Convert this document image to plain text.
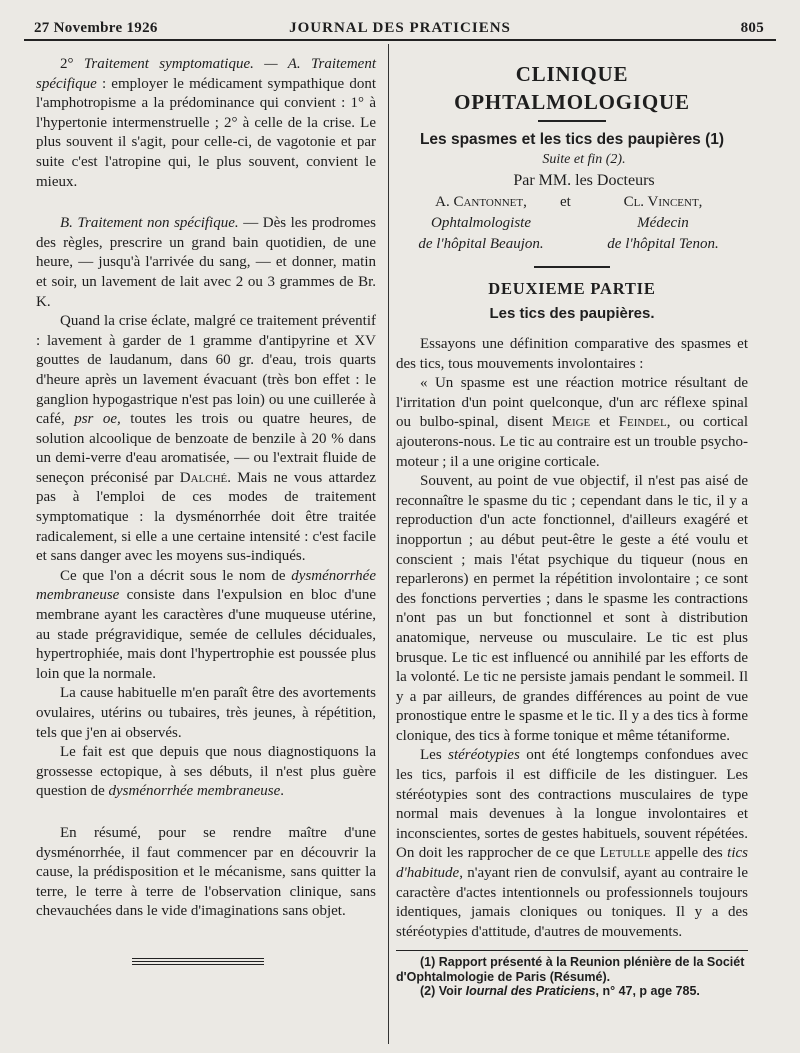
27 Novembre 1926	JOURNAL DES PRATICIENS	805

2° Traitement symptomatique. — A. Traitement spécifique : employer le médicament sympathique dont l'amphotropisme a la prédominance qui convient : 1° à l'hypertonie intermenstruelle ; 2° à celle de la crise. Le plus souvent il s'agit, pour celle-ci, de vagotonie et par suite c'est l'atropine qui, le plus souvent, convient le mieux.

B. Traitement non spécifique. — Dès les prodromes des règles, prescrire un grand bain quotidien, de une heure, — jusqu'à l'arrivée du sang, — et donner, matin et soir, un lavement de lait avec 2 ou 3 grammes de Br. K.

Quand la crise éclate, malgré ce traitement préventif : lavement à garder de 1 gramme d'antipyrine et XV gouttes de laudanum, dans 60 gr. d'eau, trois quarts d'heure après un lavement évacuant (très bon effet : le ganglion hypogastrique n'est pas loin) ou une cuillerée à café, psr oe, toutes les trois ou quatre heures, de solution alcoolique de benzoate de benzile à 20 % dans un demi-verre d'eau aromatisée, — ou l'extrait fluide de seneçon préconisé par Dalché. Mais ne vous attardez pas à l'emploi de ces modes de traitement symptomatique : la dysménorrhée doit être traitée radicalement, si elle a une certaine intensité : c'est facile et sans danger avec les moyens sus-indiqués.

Ce que l'on a décrit sous le nom de dysménorrhée membraneuse consiste dans l'expulsion en bloc d'une membrane ayant les caractères d'une muqueuse utérine, au stade prégravidique, semée de cellules déciduales, hypertrophiée, mais dont l'hypertrophie est poussée plus loin que la normale.

La cause habituelle m'en paraît être des avortements ovulaires, utérins ou tubaires, très jeunes, à répétition, tels que j'en ai observés.

Le fait est que depuis que nous diagnostiquons la grossesse ectopique, à ses débuts, il n'est plus guère question de dysménorrhée membraneuse.

En résumé, pour se rendre maître d'une dysménorrhée, il faut commencer par en découvrir la cause, la prédisposition et le mécanisme, sans quitter la terre, le terre à terre de l'observation clinique, sans chevauchées dans le vide d'imaginations sans objet.

CLINIQUE OPHTALMOLOGIQUE
Les spasmes et les tics des paupières (1)

Suite et fin (2).

Par MM. les Docteurs

A. Cantonnet,
Ophtalmologiste
de l'hôpital Beaujon.
et	Cl. Vincent,
Médecin
de l'hôpital Tenon.
DEUXIEME PARTIE
Les tics des paupières.

Essayons une définition comparative des spasmes et des tics, tous mouvements involontaires :

« Un spasme est une réaction motrice résultant de l'irritation d'un point quelconque, d'un arc réflexe spinal ou bulbo-spinal, disent Meige et Feindel, ou cortical ajouterons-nous. Le tic au contraire est un trouble psycho-moteur ; il a une origine corticale.

Souvent, au point de vue objectif, il n'est pas aisé de reconnaître le spasme du tic ; cependant dans le tic, il y a reproduction d'un acte fonctionnel, d'ailleurs exagéré et inopportun ; au début peut-être le geste a été voulu et conscient ; mais l'état psychique du tiqueur (nous en reparlerons) en permet la répétition involontaire ; ce sont des fonctions perverties ; dans le spasme les contractions n'ont pas un but fonctionnel et sont à distribution anatomique, nerveuse ou musculaire. Le tic est plus brusque. Le tic est influencé ou annihilé par les efforts de la volonté. Le tic ne persiste jamais pendant le sommeil. Il y a par ailleurs, de grandes différences au point de vue pronostique entre le spasme et le tic. Il y a des tics à forme clonique, des tics à forme tonique et même tétaniforme.

Les stéréotypies ont été longtemps confondues avec les tics, parfois il est difficile de les distinguer. Les stéréotypies sont des contractions musculaires de type normal mais devenues à la longue involontaires et inconscientes, sortes de gestes habituels, souvent répétées. On doit les rapprocher de ce que Letulle appelle des tics d'habitude, n'ayant rien de convulsif, ayant au contraire le caractère d'actes intentionnels ou professionnels toujours identiques, jamais cloniques ou toniques. Il y a des stéréotypies d'attitude, d'autres de mouvements.

(1) Rapport présenté à la Reunion plénière de la Sociét d'Ophtalmologie de Paris (Résumé).

(2) Voir Iournal des Praticiens, n° 47, p age 785.
